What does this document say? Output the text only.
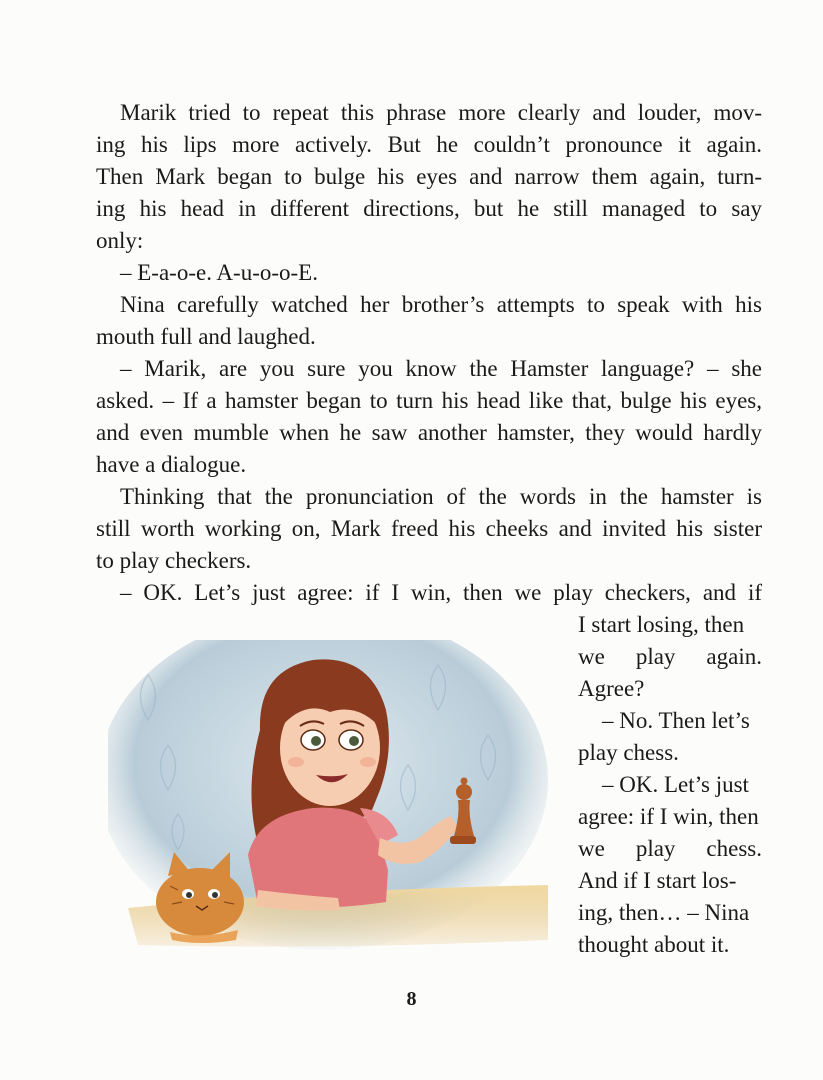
Marik tried to repeat this phrase more clearly and louder, mov-
ing his lips more actively. But he couldn’t pronounce it again.
Then Mark began to bulge his eyes and narrow them again, turn-
ing his head in different directions, but he still managed to say
only:
– E-a-o-e. A-u-o-o-E.
Nina carefully watched her brother’s attempts to speak with his
mouth full and laughed.
– Marik, are you sure you know the Hamster language? – she
asked. – If a hamster began to turn his head like that, bulge his eyes,
and even mumble when he saw another hamster, they would hardly
have a dialogue.
Thinking that the pronunciation of the words in the hamster is
still worth working on, Mark freed his cheeks and invited his sister
to play checkers.
– OK. Let’s just agree: if I win, then we play checkers, and if
I start losing, then
we play again.
Agree?
– No. Then let’s
play chess.
– OK. Let’s just
agree: if I win, then
we play chess.
And if I start los-
ing, then… – Nina
thought about it.
8
